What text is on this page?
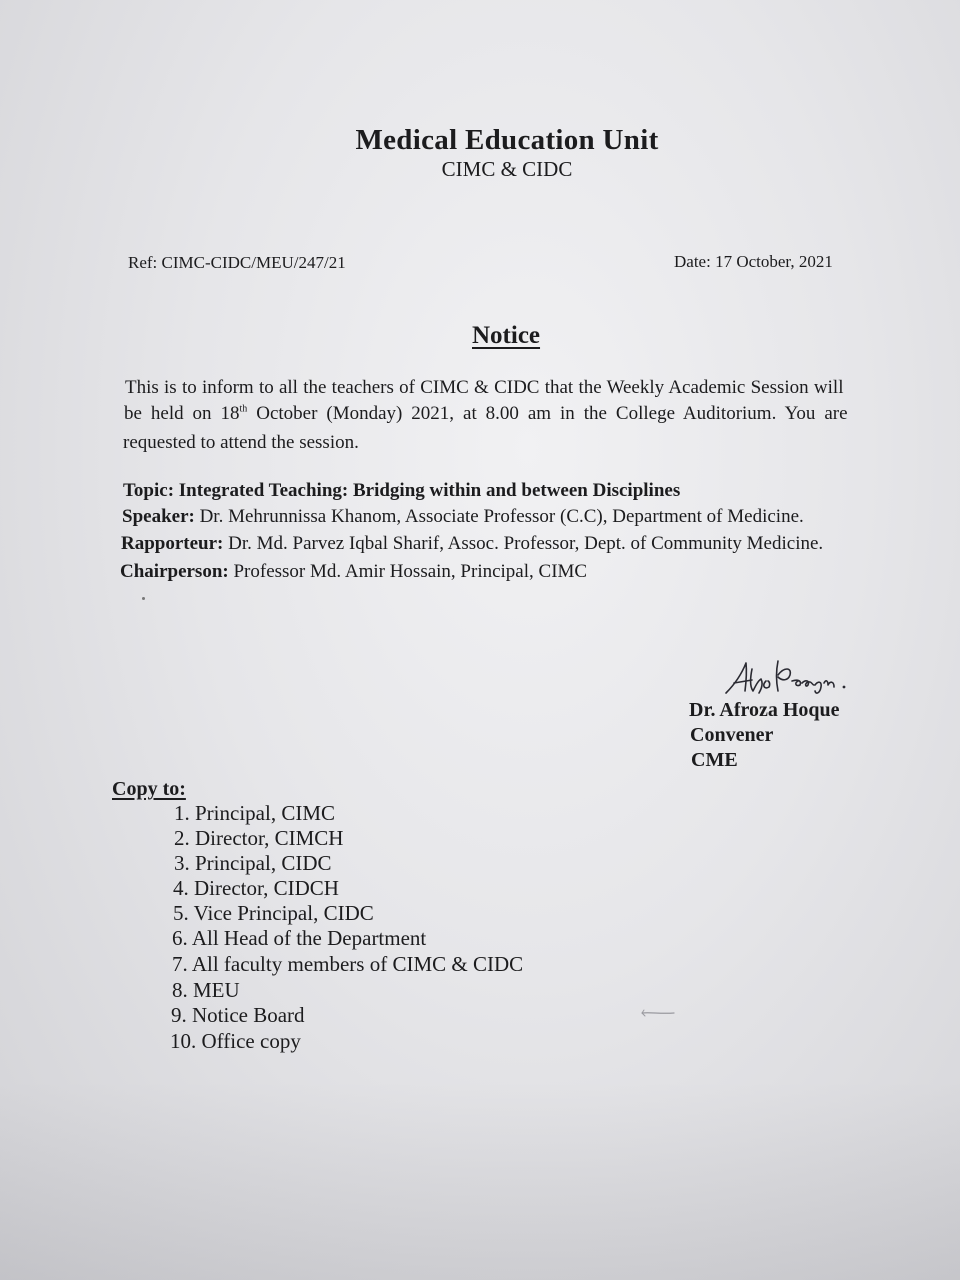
Medical Education Unit
CIMC & CIDC
Ref: CIMC-CIDC/MEU/247/21	Date: 17 October, 2021
Notice
This is to inform to all the teachers of CIMC & CIDC that the Weekly Academic Session will
be held on 18th October (Monday) 2021, at 8.00 am in the College Auditorium. You are
requested to attend the session.
Topic: Integrated Teaching: Bridging within and between Disciplines
Speaker: Dr. Mehrunnissa Khanom, Associate Professor (C.C), Department of Medicine.
Rapporteur: Dr. Md. Parvez Iqbal Sharif, Assoc. Professor, Dept. of Community Medicine.
Chairperson: Professor Md. Amir Hossain, Principal, CIMC
Dr. Afroza Hoque
Convener
CME
Copy to:
1. Principal, CIMC
2. Director, CIMCH
3. Principal, CIDC
4. Director, CIDCH
5. Vice Principal, CIDC
6. All Head of the Department
7. All faculty members of CIMC & CIDC
8. MEU
9. Notice Board
10. Office copy
